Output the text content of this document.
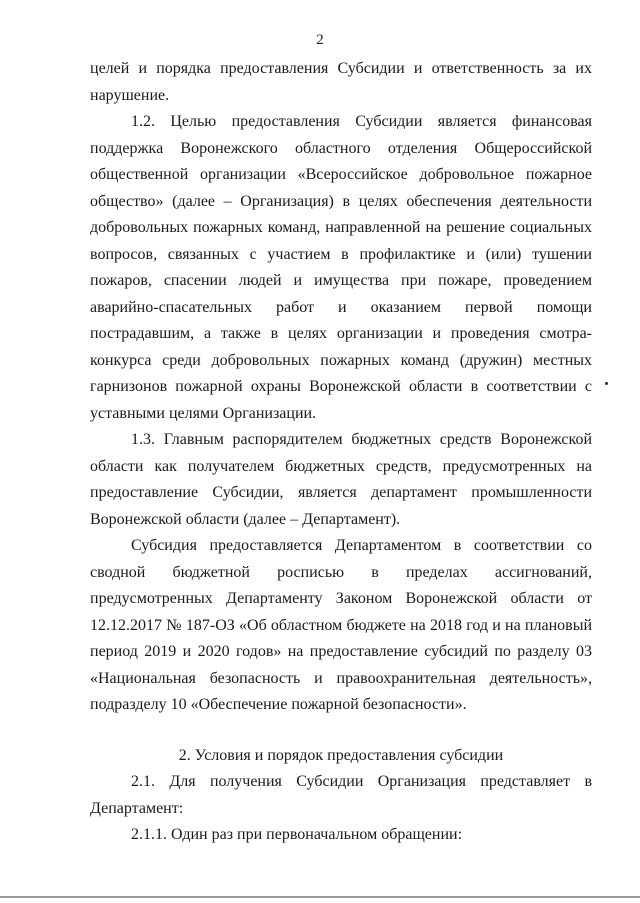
2

целей и порядка предоставления Субсидии и ответственность за их нарушение.

1.2. Целью предоставления Субсидии является финансовая поддержка Воронежского областного отделения Общероссийской общественной организации «Всероссийское добровольное пожарное общество» (далее – Организация) в целях обеспечения деятельности добровольных пожарных команд, направленной на решение социальных вопросов, связанных с участием в профилактике и (или) тушении пожаров, спасении людей и имущества при пожаре, проведением аварийно-спасательных работ и оказанием первой помощи пострадавшим, а также в целях организации и проведения смотра-конкурса среди добровольных пожарных команд (дружин) местных гарнизонов пожарной охраны Воронежской области в соответствии с уставными целями Организации.

1.3. Главным распорядителем бюджетных средств Воронежской области как получателем бюджетных средств, предусмотренных на предоставление Субсидии, является департамент промышленности Воронежской области (далее – Департамент).

Субсидия предоставляется Департаментом в соответствии со сводной бюджетной росписью в пределах ассигнований, предусмотренных Департаменту Законом Воронежской области от 12.12.2017 № 187-ОЗ «Об областном бюджете на 2018 год и на плановый период 2019 и 2020 годов» на предоставление субсидий по разделу 03 «Национальная безопасность и правоохранительная деятельность», подразделу 10 «Обеспечение пожарной безопасности».

2. Условия и порядок предоставления субсидии

2.1. Для получения Субсидии Организация представляет в Департамент:

2.1.1. Один раз при первоначальном обращении:
